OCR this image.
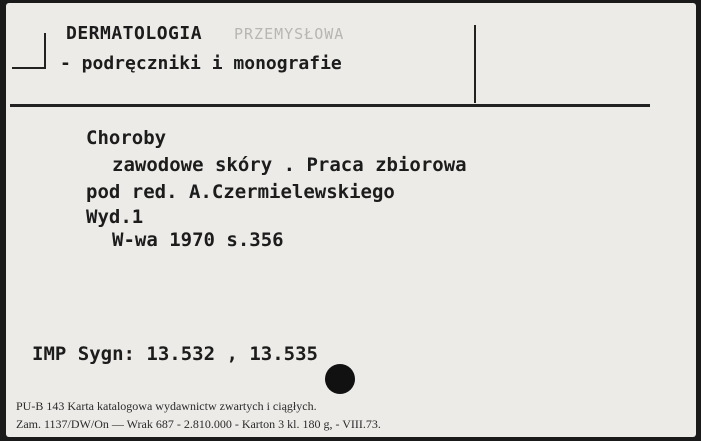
DERMATOLOGIA PRZEMYSŁOWA
- podręczniki i monografie
Choroby
zawodowe skóry . Praca zbiorowa
pod red. A.Czermielewskiego
Wyd.1
W-wa 1970 s.356
IMP Sygn: 13.532 , 13.535
PU-B 143 Karta katalogowa wydawnictw zwartych i ciągłych.
Zam. 1137/DW/On — Wrak 687 - 2.810.000 - Karton 3 kl. 180 g, - VIII.73.
